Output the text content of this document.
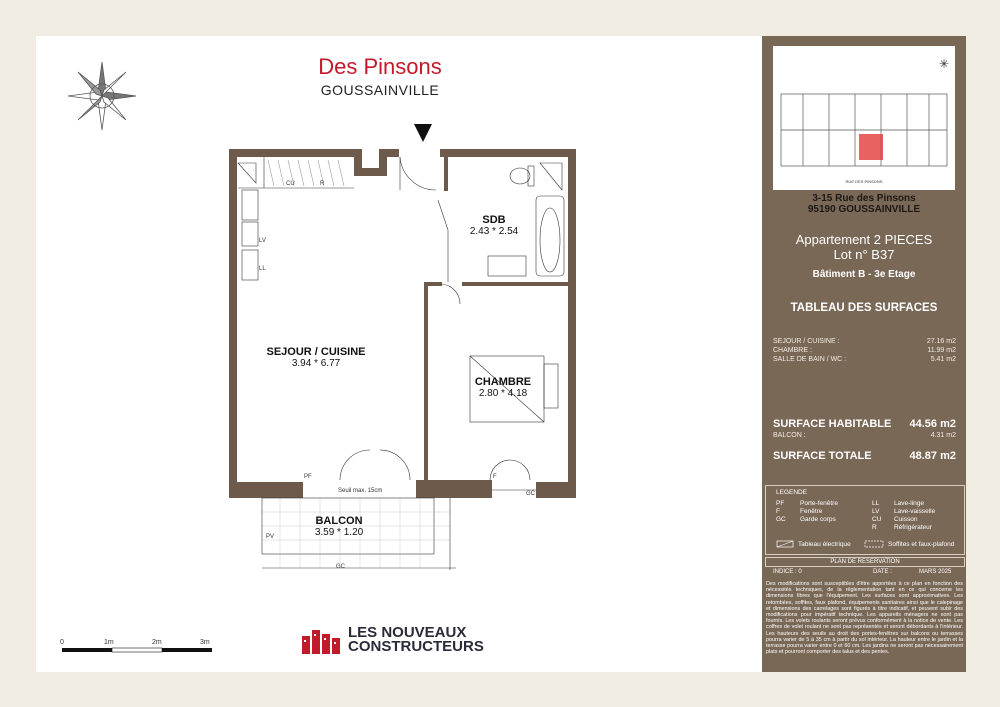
Des Pinsons
GOUSSAINVILLE
SDB
2.43 * 2.54
SEJOUR / CUISINE
3.94 * 6.77
CHAMBRE
2.80 * 4.18
BALCON
3.59 * 1.20
CU	R
LV
LL
PF	F
GC
PV
GC
Seuil max. 15cm
0	1m	2m	3m
LES NOUVEAUX
CONSTRUCTEURS
✳
RUE DES PINSONS
3-15 Rue des Pinsons
95190 GOUSSAINVILLE
Appartement 2 PIECES
Lot n° B37
Bâtiment B - 3e Etage
TABLEAU DES SURFACES
SEJOUR / CUISINE :	27.16 m2
CHAMBRE :	11.99 m2
SALLE DE BAIN / WC :	5.41 m2
SURFACE HABITABLE 44.56 m2
BALCON :	4.31 m2
SURFACE TOTALE	48.87 m2
LEGENDE
PF Porte-fenêtre
F	Fenêtre
GC Garde corps
LL Lave-linge
LV Lave-vaisselle
CU Cuisson
R	Réfrigérateur
Tableau électrique	Soffites et faux-plafond
PLAN DE RESERVATION
INDICE : 0	DATE :	MARS 2025
Des modifications sont susceptibles d'être apportées à ce plan en fonction des nécessités techniques, de la réglementation tant en ce qui concerne les dimensions libres que l'équipement. Les surfaces sont approximatives. Les retombées, soffites, faux plafond, équipements sanitaires ainsi que le calepinage et dimensions des carrelages sont figurés à titre indicatif, et peuvent subir des modifications pour impératif technique. Les appareils ménagers ne sont pas fournis. Les volets roulants seront prévus conformément à la notice de vente. Les coffres de volet roulant ne sont pas représentés et seront débordants à l'intérieur. Les hauteurs des seuils au droit des portes-fenêtres sur balcons ou terrasses pourra varier de 5 à 35 cm à partir du sol intérieur. La hauteur entre le jardin et la terrasse pourra varier entre 0 et 60 cm. Les jardins ne seront pas nécessairement plats et pourront comporter des talus et des pentes.
